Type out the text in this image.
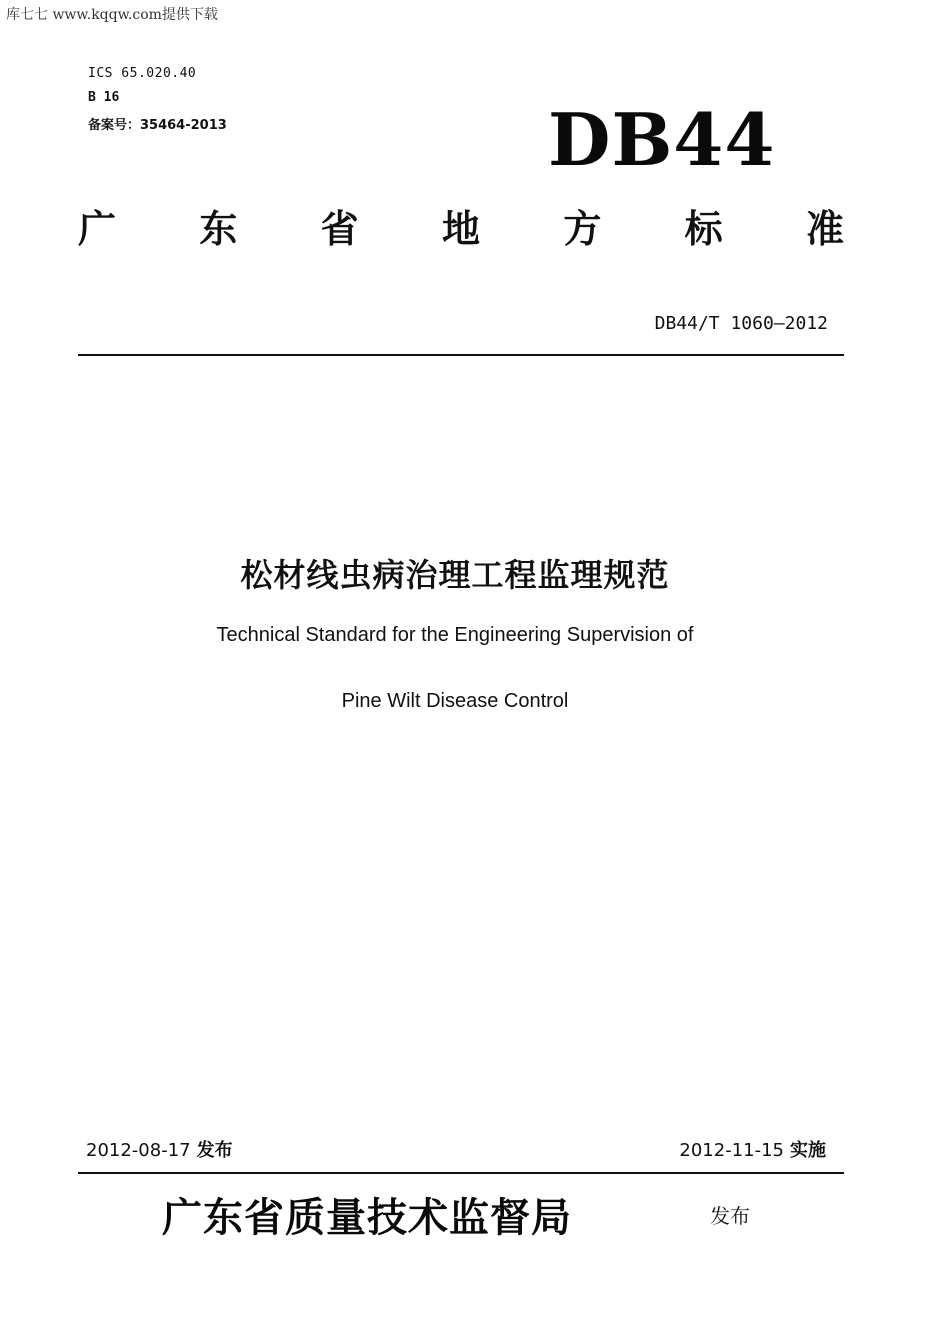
库七七 www.kqqw.com提供下载
ICS 65.020.40
B 16
备案号：35464-2013	DB44
广 东 省 地 方 标 准
DB44/T 1060—2012
松材线虫病治理工程监理规范
Technical Standard for the Engineering Supervision of
Pine Wilt Disease Control
2012-08-17 发布	2012-11-15 实施
广东省质量技术监督局	发布
